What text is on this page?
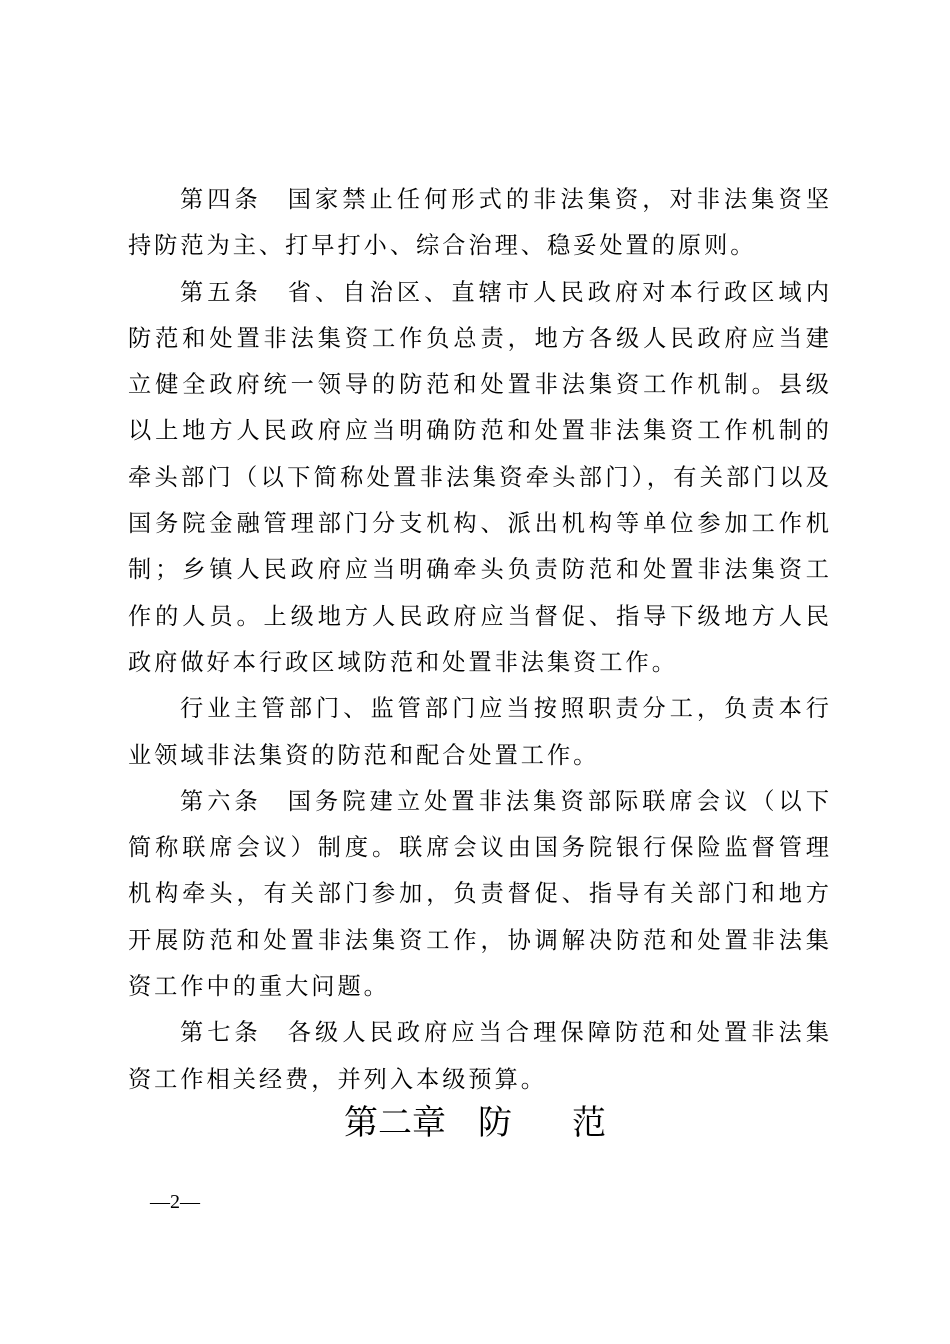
第四条 国家禁止任何形式的非法集资，对非法集资坚持防范为主、打早打小、综合治理、稳妥处置的原则。

第五条 省、自治区、直辖市人民政府对本行政区域内防范和处置非法集资工作负总责，地方各级人民政府应当建立健全政府统一领导的防范和处置非法集资工作机制。县级以上地方人民政府应当明确防范和处置非法集资工作机制的牵头部门（以下简称处置非法集资牵头部门），有关部门以及国务院金融管理部门分支机构、派出机构等单位参加工作机制；乡镇人民政府应当明确牵头负责防范和处置非法集资工作的人员。上级地方人民政府应当督促、指导下级地方人民政府做好本行政区域防范和处置非法集资工作。

行业主管部门、监管部门应当按照职责分工，负责本行业领域非法集资的防范和配合处置工作。

第六条 国务院建立处置非法集资部际联席会议（以下简称联席会议）制度。联席会议由国务院银行保险监督管理机构牵头，有关部门参加，负责督促、指导有关部门和地方开展防范和处置非法集资工作，协调解决防范和处置非法集资工作中的重大问题。

第七条 各级人民政府应当合理保障防范和处置非法集资工作相关经费，并列入本级预算。

第二章 防 范
—2—
